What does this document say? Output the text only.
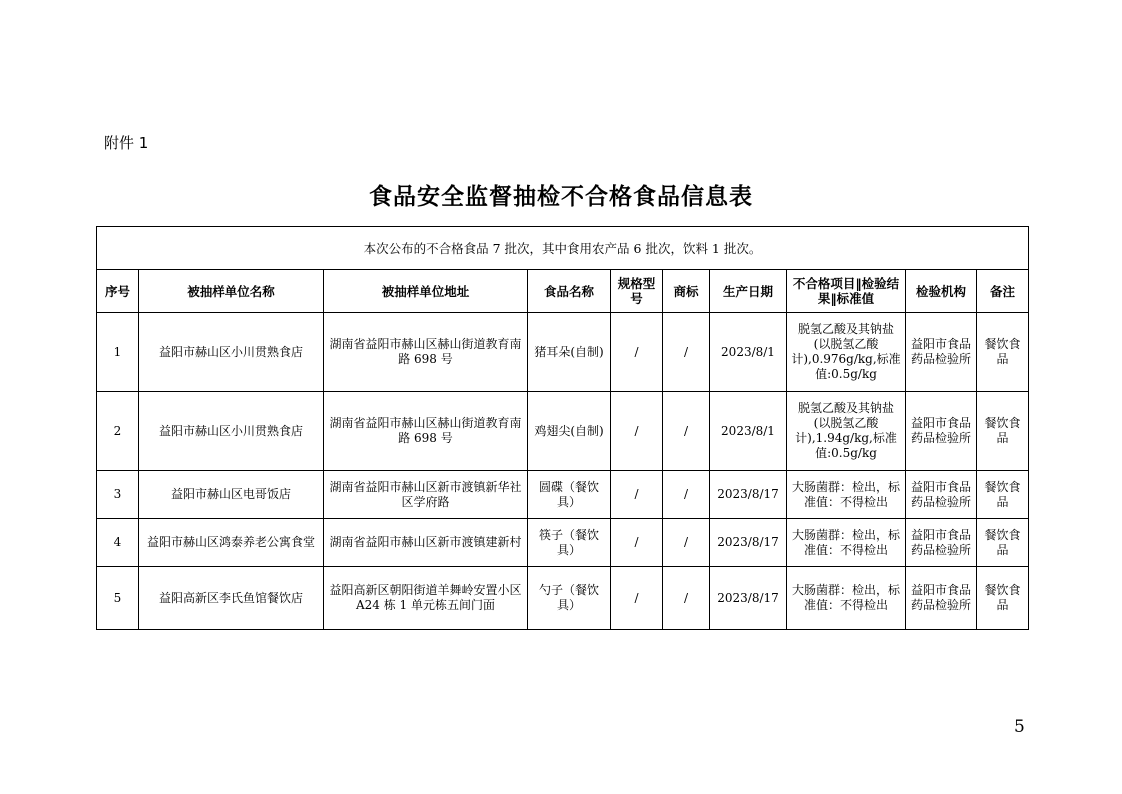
附件 1
食品安全监督抽检不合格食品信息表
本次公布的不合格食品 7 批次，其中食用农产品 6 批次，饮料 1 批次。									
序号	被抽样单位名称	被抽样单位地址	食品名称	规格型号	商标	生产日期	不合格项目‖检验结果‖标准值	检验机构	备注
1	益阳市赫山区小川贯熟食店	湖南省益阳市赫山区赫山街道教育南路 698 号	猪耳朵(自制)	/	/	2023/8/1	脱氢乙酸及其钠盐(以脱氢乙酸计),0.976g/kg,标准值:0.5g/kg	益阳市食品药品检验所	餐饮食品
2	益阳市赫山区小川贯熟食店	湖南省益阳市赫山区赫山街道教育南路 698 号	鸡翅尖(自制)	/	/	2023/8/1	脱氢乙酸及其钠盐(以脱氢乙酸计),1.94g/kg,标准值:0.5g/kg	益阳市食品药品检验所	餐饮食品
3	益阳市赫山区电哥饭店	湖南省益阳市赫山区新市渡镇新华社区学府路	圆碟（餐饮具）	/	/	2023/8/17	大肠菌群：检出，标准值：不得检出	益阳市食品药品检验所	餐饮食品
4	益阳市赫山区鸿泰养老公寓食堂	湖南省益阳市赫山区新市渡镇建新村	筷子（餐饮具）	/	/	2023/8/17	大肠菌群：检出，标准值：不得检出	益阳市食品药品检验所	餐饮食品
5	益阳高新区李氏鱼馆餐饮店	益阳高新区朝阳街道羊舞岭安置小区 A24 栋 1 单元栋五间门面	勺子（餐饮具）	/	/	2023/8/17	大肠菌群：检出，标准值：不得检出	益阳市食品药品检验所	餐饮食品
5
